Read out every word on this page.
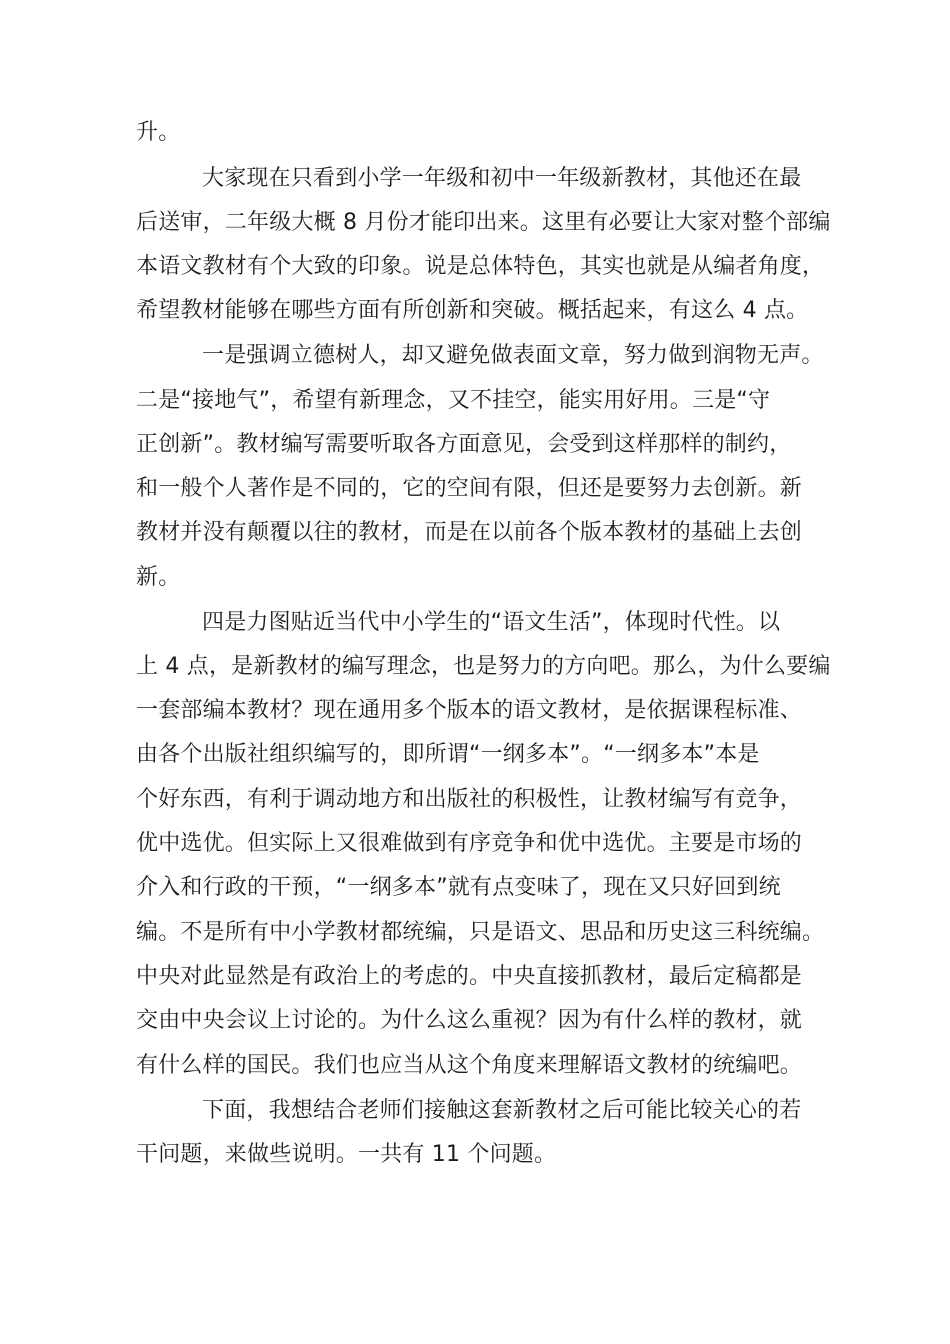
升。
大家现在只看到小学一年级和初中一年级新教材，其他还在最
后送审，二年级大概 8 月份才能印出来。这里有必要让大家对整个部编
本语文教材有个大致的印象。说是总体特色，其实也就是从编者角度，
希望教材能够在哪些方面有所创新和突破。概括起来，有这么 4 点。
一是强调立德树人，却又避免做表面文章，努力做到润物无声。
二是“接地气”，希望有新理念，又不挂空，能实用好用。三是“守
正创新”。教材编写需要听取各方面意见，会受到这样那样的制约，
和一般个人著作是不同的，它的空间有限，但还是要努力去创新。新
教材并没有颠覆以往的教材，而是在以前各个版本教材的基础上去创
新。
四是力图贴近当代中小学生的“语文生活”，体现时代性。以
上 4 点，是新教材的编写理念，也是努力的方向吧。那么，为什么要编
一套部编本教材？现在通用多个版本的语文教材，是依据课程标准、
由各个出版社组织编写的，即所谓“一纲多本”。“一纲多本”本是
个好东西，有利于调动地方和出版社的积极性，让教材编写有竞争，
优中选优。但实际上又很难做到有序竞争和优中选优。主要是市场的
介入和行政的干预，“一纲多本”就有点变味了，现在又只好回到统
编。不是所有中小学教材都统编，只是语文、思品和历史这三科统编。
中央对此显然是有政治上的考虑的。中央直接抓教材，最后定稿都是
交由中央会议上讨论的。为什么这么重视？因为有什么样的教材，就
有什么样的国民。我们也应当从这个角度来理解语文教材的统编吧。
下面，我想结合老师们接触这套新教材之后可能比较关心的若
干问题，来做些说明。一共有 11 个问题。
